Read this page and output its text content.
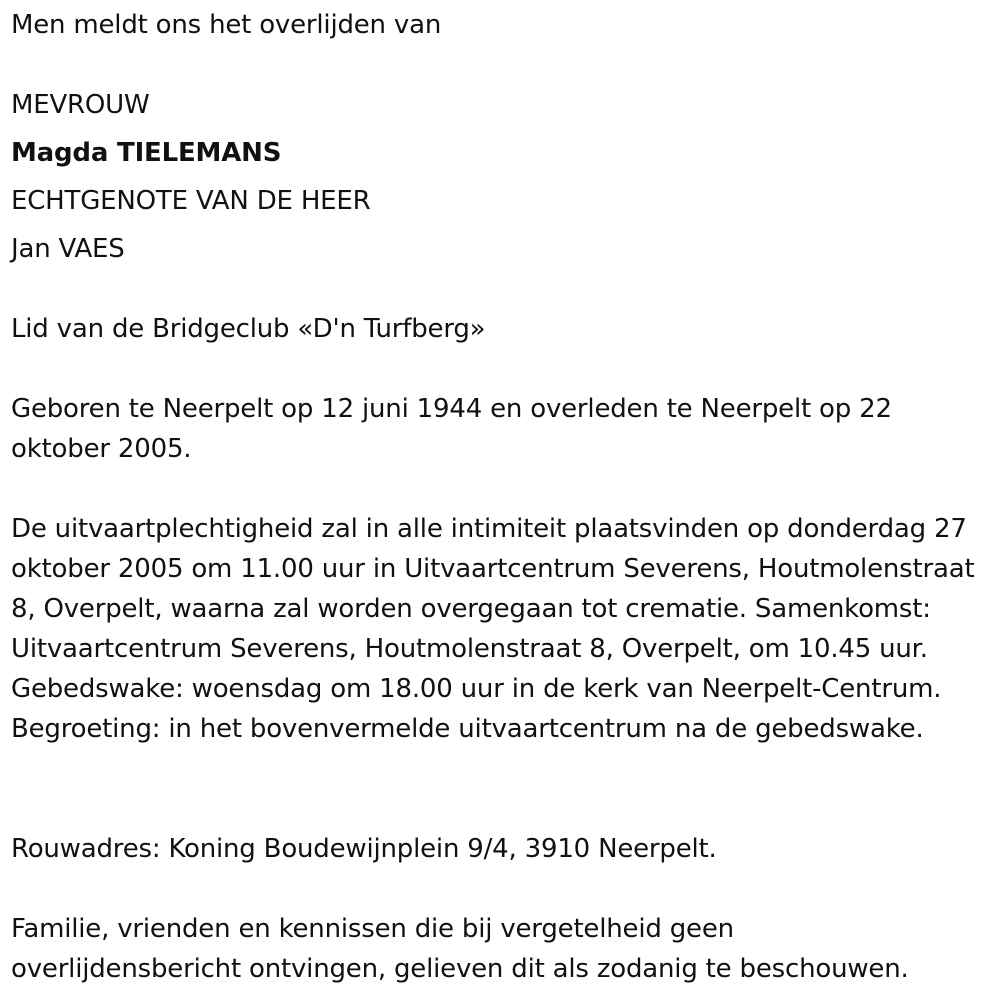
Men meldt ons het overlijden van

MEVROUW

Magda TIELEMANS

ECHTGENOTE VAN DE HEER

Jan VAES

Lid van de Bridgeclub «D'n Turfberg»

Geboren te Neerpelt op 12 juni 1944 en overleden te Neerpelt op 22 oktober 2005.

De uitvaartplechtigheid zal in alle intimiteit plaatsvinden op donderdag 27 oktober 2005 om 11.00 uur in Uitvaartcentrum Severens, Houtmolenstraat 8, Overpelt, waarna zal worden overgegaan tot crematie. Samenkomst: Uitvaartcentrum Severens, Houtmolenstraat 8, Overpelt, om 10.45 uur. Gebedswake: woensdag om 18.00 uur in de kerk van Neerpelt-Centrum. Begroeting: in het bovenvermelde uitvaartcentrum na de gebedswake.

Rouwadres: Koning Boudewijnplein 9/4, 3910 Neerpelt.

Familie, vrienden en kennissen die bij vergetelheid geen overlijdensbericht ontvingen, gelieven dit als zodanig te beschouwen.
